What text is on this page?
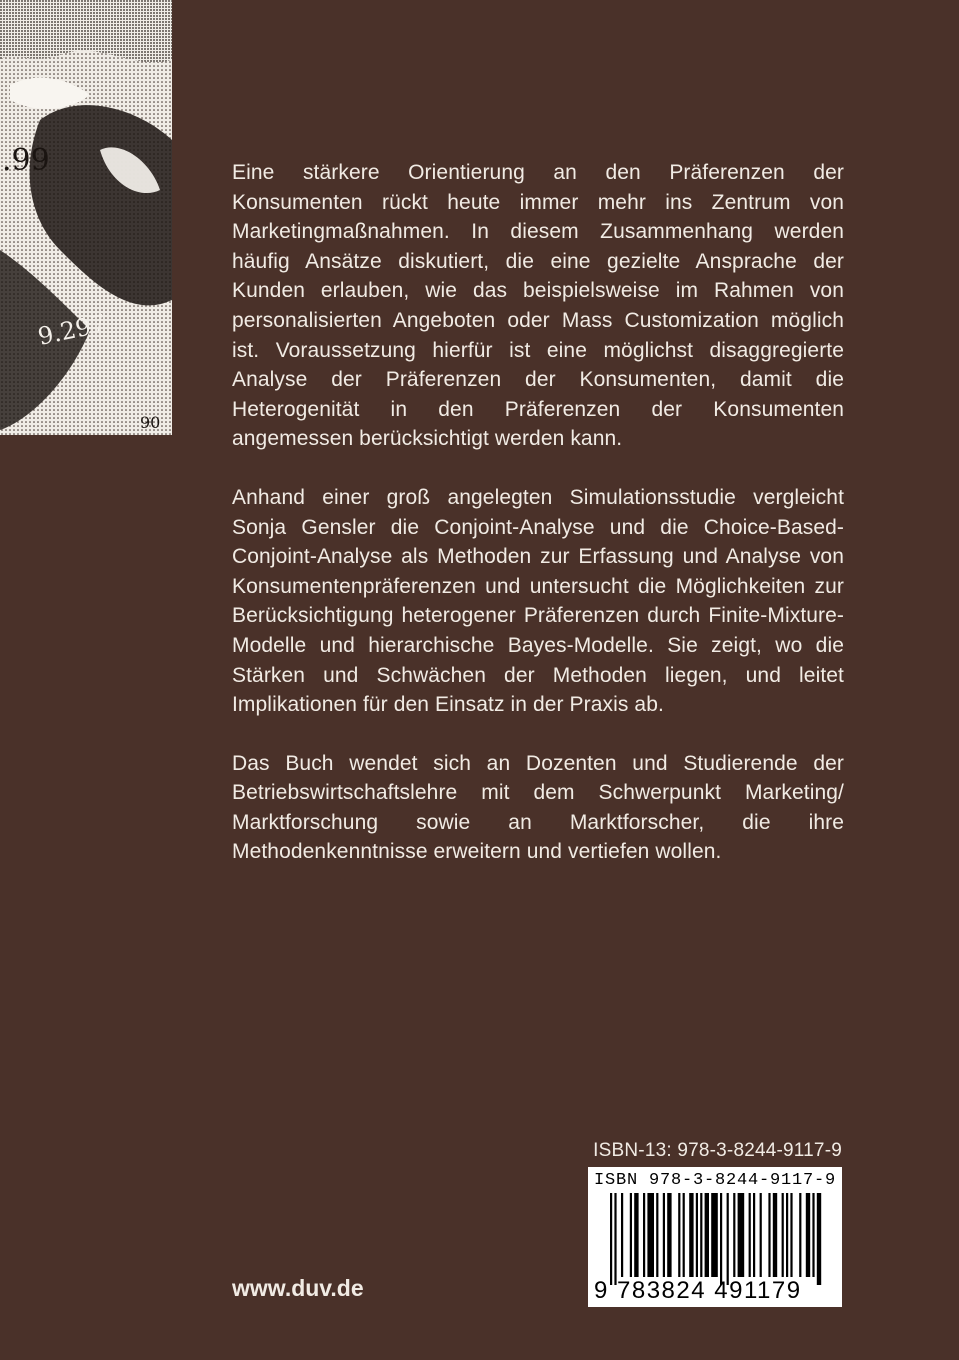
.99
9.297
90

Eine stärkere Orientierung an den Präferenzen der Konsumenten rückt heute immer mehr ins Zentrum von Marketingmaßnahmen. In diesem Zusammenhang werden häufig Ansätze diskutiert, die eine gezielte Ansprache der Kunden erlauben, wie das beispielsweise im Rahmen von personalisierten Angeboten oder Mass Customization möglich ist. Voraussetzung hierfür ist eine möglichst disaggregierte Analyse der Präferenzen der Konsumenten, damit die Heterogenität in den Präferenzen der Konsumenten angemessen berücksichtigt werden kann.

Anhand einer groß angelegten Simulationsstudie vergleicht Sonja Gensler die Conjoint-Analyse und die Choice-Based-Conjoint-Analyse als Methoden zur Erfassung und Analyse von Konsumentenpräferenzen und untersucht die Möglichkeiten zur Berücksichtigung heterogener Präferenzen durch Finite-Mixture-Modelle und hierarchische Bayes-Modelle. Sie zeigt, wo die Stärken und Schwächen der Methoden liegen, und leitet Implikationen für den Einsatz in der Praxis ab.

Das Buch wendet sich an Dozenten und Studierende der Betriebswirtschaftslehre mit dem Schwerpunkt Marketing/ Marktforschung sowie an Marktforscher, die ihre Methodenkenntnisse erweitern und vertiefen wollen.

ISBN-13: 978-3-8244-9117-9
ISBN 978-3-8244-9117-9
9 783824 491179
www.duv.de
